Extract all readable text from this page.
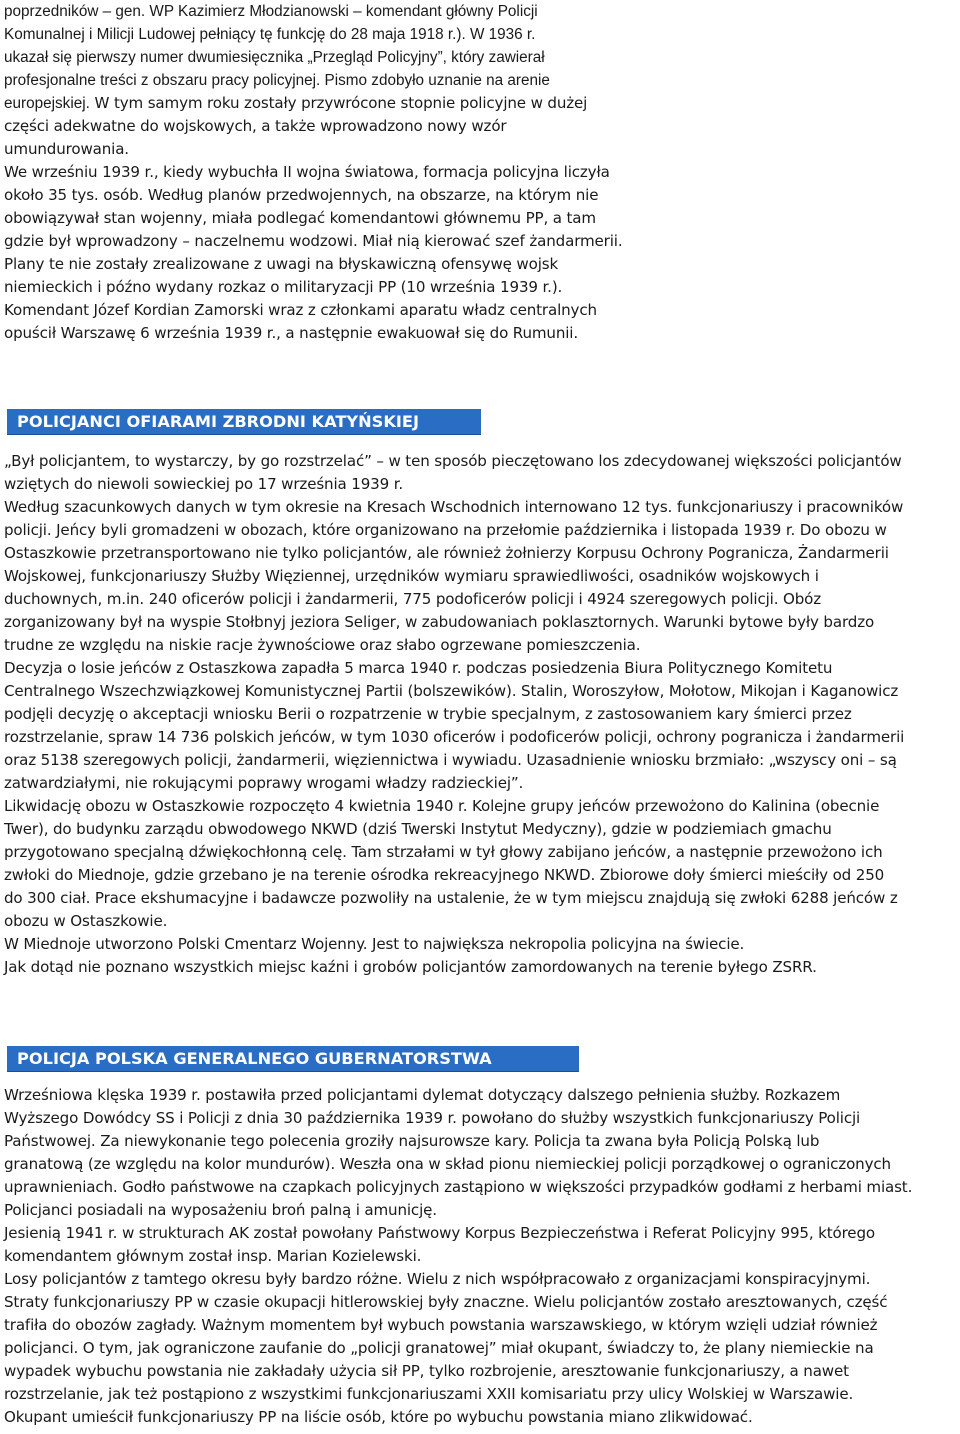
poprzedników – gen. WP Kazimierz Młodzianowski – komendant główny Policji
Komunalnej i Milicji Ludowej pełniący tę funkcję do 28 maja 1918 r.). W 1936 r.
ukazał się pierwszy numer dwumiesięcznika „Przegląd Policyjny”, który zawierał
profesjonalne treści z obszaru pracy policyjnej. Pismo zdobyło uznanie na arenie
europejskiej. W tym samym roku zostały przywrócone stopnie policyjne w dużej
części adekwatne do wojskowych, a także wprowadzono nowy wzór
umundurowania.
We wrześniu 1939 r., kiedy wybuchła II wojna światowa, formacja policyjna liczyła
około 35 tys. osób. Według planów przedwojennych, na obszarze, na którym nie
obowiązywał stan wojenny, miała podlegać komendantowi głównemu PP, a tam
gdzie był wprowadzony – naczelnemu wodzowi. Miał nią kierować szef żandarmerii.
Plany te nie zostały zrealizowane z uwagi na błyskawiczną ofensywę wojsk
niemieckich i późno wydany rozkaz o militaryzacji PP (10 września 1939 r.).
Komendant Józef Kordian Zamorski wraz z członkami aparatu władz centralnych
opuścił Warszawę 6 września 1939 r., a następnie ewakuował się do Rumunii.
POLICJANCI OFIARAMI ZBRODNI KATYŃSKIEJ
„Był policjantem, to wystarczy, by go rozstrzelać” – w ten sposób pieczętowano los zdecydowanej większości policjantów
wziętych do niewoli sowieckiej po 17 września 1939 r.
Według szacunkowych danych w tym okresie na Kresach Wschodnich internowano 12 tys. funkcjonariuszy i pracowników
policji. Jeńcy byli gromadzeni w obozach, które organizowano na przełomie października i listopada 1939 r. Do obozu w
Ostaszkowie przetransportowano nie tylko policjantów, ale również żołnierzy Korpusu Ochrony Pogranicza, Żandarmerii
Wojskowej, funkcjonariuszy Służby Więziennej, urzędników wymiaru sprawiedliwości, osadników wojskowych i
duchownych, m.in. 240 oficerów policji i żandarmerii, 775 podoficerów policji i 4924 szeregowych policji. Obóz
zorganizowany był na wyspie Stołbnyj jeziora Seliger, w zabudowaniach poklasztornych. Warunki bytowe były bardzo
trudne ze względu na niskie racje żywnościowe oraz słabo ogrzewane pomieszczenia.
Decyzja o losie jeńców z Ostaszkowa zapadła 5 marca 1940 r. podczas posiedzenia Biura Politycznego Komitetu
Centralnego Wszechzwiązkowej Komunistycznej Partii (bolszewików). Stalin, Woroszyłow, Mołotow, Mikojan i Kaganowicz
podjęli decyzję o akceptacji wniosku Berii o rozpatrzenie w trybie specjalnym, z zastosowaniem kary śmierci przez
rozstrzelanie, spraw 14 736 polskich jeńców, w tym 1030 oficerów i podoficerów policji, ochrony pogranicza i żandarmerii
oraz 5138 szeregowych policji, żandarmerii, więziennictwa i wywiadu. Uzasadnienie wniosku brzmiało: „wszyscy oni – są
zatwardziałymi, nie rokującymi poprawy wrogami władzy radzieckiej”.
Likwidację obozu w Ostaszkowie rozpoczęto 4 kwietnia 1940 r. Kolejne grupy jeńców przewożono do Kalinina (obecnie
Twer), do budynku zarządu obwodowego NKWD (dziś Twerski Instytut Medyczny), gdzie w podziemiach gmachu
przygotowano specjalną dźwiękochłonną celę. Tam strzałami w tył głowy zabijano jeńców, a następnie przewożono ich
zwłoki do Miednoje, gdzie grzebano je na terenie ośrodka rekreacyjnego NKWD. Zbiorowe doły śmierci mieściły od 250
do 300 ciał. Prace ekshumacyjne i badawcze pozwoliły na ustalenie, że w tym miejscu znajdują się zwłoki 6288 jeńców z
obozu w Ostaszkowie.
W Miednoje utworzono Polski Cmentarz Wojenny. Jest to największa nekropolia policyjna na świecie.
Jak dotąd nie poznano wszystkich miejsc kaźni i grobów policjantów zamordowanych na terenie byłego ZSRR.
POLICJA POLSKA GENERALNEGO GUBERNATORSTWA
Wrześniowa klęska 1939 r. postawiła przed policjantami dylemat dotyczący dalszego pełnienia służby. Rozkazem
Wyższego Dowódcy SS i Policji z dnia 30 października 1939 r. powołano do służby wszystkich funkcjonariuszy Policji
Państwowej. Za niewykonanie tego polecenia groziły najsurowsze kary. Policja ta zwana była Policją Polską lub
granatową (ze względu na kolor mundurów). Weszła ona w skład pionu niemieckiej policji porządkowej o ograniczonych
uprawnieniach. Godło państwowe na czapkach policyjnych zastąpiono w większości przypadków godłami z herbami miast.
Policjanci posiadali na wyposażeniu broń palną i amunicję.
Jesienią 1941 r. w strukturach AK został powołany Państwowy Korpus Bezpieczeństwa i Referat Policyjny 995, którego
komendantem głównym został insp. Marian Kozielewski.
Losy policjantów z tamtego okresu były bardzo różne. Wielu z nich współpracowało z organizacjami konspiracyjnymi.
Straty funkcjonariuszy PP w czasie okupacji hitlerowskiej były znaczne. Wielu policjantów zostało aresztowanych, część
trafiła do obozów zagłady. Ważnym momentem był wybuch powstania warszawskiego, w którym wzięli udział również
policjanci. O tym, jak ograniczone zaufanie do „policji granatowej” miał okupant, świadczy to, że plany niemieckie na
wypadek wybuchu powstania nie zakładały użycia sił PP, tylko rozbrojenie, aresztowanie funkcjonariuszy, a nawet
rozstrzelanie, jak też postąpiono z wszystkimi funkcjonariuszami XXII komisariatu przy ulicy Wolskiej w Warszawie.
Okupant umieścił funkcjonariuszy PP na liście osób, które po wybuchu powstania miano zlikwidować.
